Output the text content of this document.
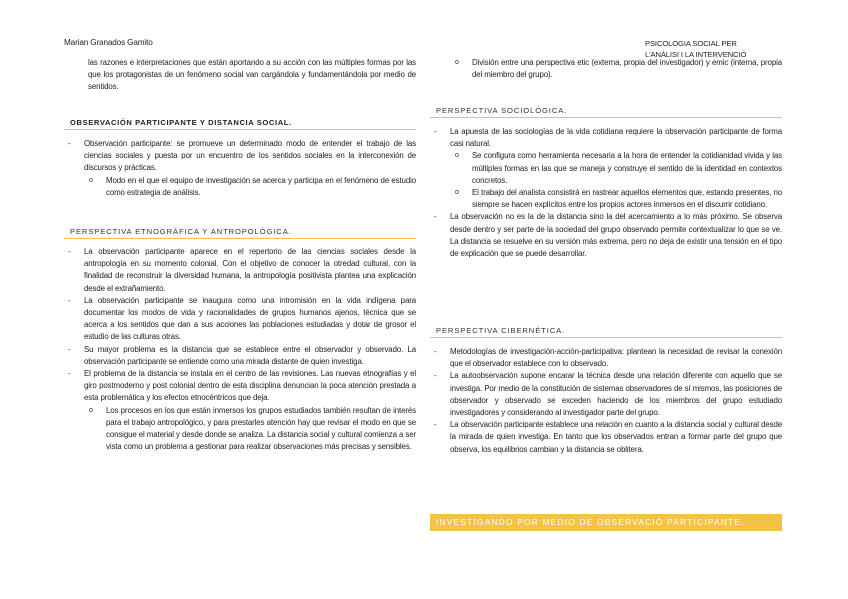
Marian Granados Gamito	PSICOLOGIA SOCIAL PER
L'ANÀLISI I LA INTERVENCIÓ
las razones e interpretaciones que están aportando a su acción con las múltiples formas por las que los protagonistas de un fenómeno social van cargándola y fundamentándola por medio de sentidos.
OBSERVACIÓN PARTICIPANTE Y DISTANCIA SOCIAL.
- Observación participante: se promueve un determinado modo de entender el trabajo de las ciencias sociales y puesta por un encuentro de los sentidos sociales en la interconexión de discursos y prácticas.
o Modo en el que el equipo de investigación se acerca y participa en el fenómeno de estudio como estrategia de análisis.
PERSPECTIVA ETNOGRÁFICA Y ANTROPOLÓGICA.
- La observación participante aparece en el repertorio de las ciencias sociales desde la antropología en su momento colonial. Con el objetivo de conocer la otredad cultural, con la finalidad de reconstruir la diversidad humana, la antropología positivista plantea una explicación desde el extrañamiento.
- La observación participante se inaugura como una intromisión en la vida indígena para documentar los modos de vida y racionalidades de grupos humanos ajenos, técnica que se acerca a los sentidos que dan a sus acciones las poblaciones estudiadas y dotar de grosor el estudio de las culturas otras.
- Su mayor problema es la distancia que se establece entre el observador y observado. La observación participante se entiende como una mirada distante de quien investiga.
- El problema de la distancia se instala en el centro de las revisiones. Las nuevas etnografías y el giro postmoderno y post colonial dentro de esta disciplina denuncian la poca atención prestada a esta problemática y los efectos etnocéntricos que deja.
o Los procesos en los que están inmersos los grupos estudiados también resultan de interés para el trabajo antropológico, y para prestarles atención hay que revisar el modo en que se consigue el material y desde donde se analiza. La distancia social y cultural comienza a ser vista como un problema a gestionar para realizar observaciones más precisas y sensibles.
o División entre una perspectiva etic (externa, propia del investigador) y emic (interna, propia del miembro del grupo).
PERSPECTIVA SOCIOLÓGICA.
- La apuesta de las sociologías de la vida cotidiana requiere la observación participante de forma casi natural.
o Se configura como herramienta necesaria a la hora de entender la cotidianidad vivida y las múltiples formas en las que se maneja y construye el sentido de la identidad en contextos concretos.
o El trabajo del analista consistirá en rastrear aquellos elementos que, estando presentes, no siempre se hacen explícitos entre los propios actores inmersos en el discurrir cotidiano.
- La observación no es la de la distancia sino la del acercamiento a lo más próximo. Se observa desde dentro y ser parte de la sociedad del grupo observado permite contextualizar lo que se ve. La distancia se resuelve en su versión más extrema, pero no deja de existir una tensión en el tipo de explicación que se puede desarrollar.
PERSPECTIVA CIBERNÉTICA.
- Metodologías de investigación-acción-participativa: plantean la necesidad de revisar la conexión que el observador establece con lo observado.
- La autoobservación supone encarar la técnica desde una relación diferente con aquello que se investiga. Por medio de la constitución de sistemas observadores de sí mismos, las posiciones de observador y observado se exceden haciendo de los miembros del grupo estudiado investigadores y considerando al investigador parte del grupo.
- La observación participante establece una relación en cuanto a la distancia social y cultural desde la mirada de quien investiga. En tanto que los observados entran a formar parte del grupo que observa, los equilibrios cambian y la distancia se oblitera.
INVESTIGANDO POR MEDIO DE OBSERVACIÓ PARTICIPANTE.
